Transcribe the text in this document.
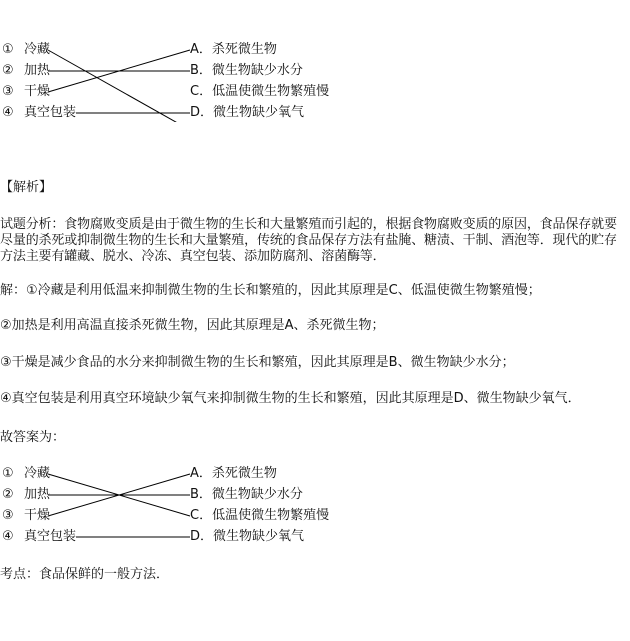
① 冷藏
② 加热
③ 干燥
④ 真空包装
A．杀死微生物
B．微生物缺少水分
C．低温使微生物繁殖慢
D．微生物缺少氧气
【解析】
试题分析：食物腐败变质是由于微生物的生长和大量繁殖而引起的，根据食物腐败变质的原因，食品保存就要尽量的杀死或抑制微生物的生长和大量繁殖，传统的食品保存方法有盐腌、糖渍、干制、酒泡等．现代的贮存方法主要有罐藏、脱水、冷冻、真空包装、添加防腐剂、溶菌酶等．
解：①冷藏是利用低温来抑制微生物的生长和繁殖的，因此其原理是C、低温使微生物繁殖慢；
②加热是利用高温直接杀死微生物，因此其原理是A、杀死微生物；
③干燥是减少食品的水分来抑制微生物的生长和繁殖，因此其原理是B、微生物缺少水分；
④真空包装是利用真空环境缺少氧气来抑制微生物的生长和繁殖，因此其原理是D、微生物缺少氧气．
故答案为：
① 冷藏
② 加热
③ 干燥
④ 真空包装
A．杀死微生物
B．微生物缺少水分
C．低温使微生物繁殖慢
D．微生物缺少氧气
考点：食品保鲜的一般方法．
